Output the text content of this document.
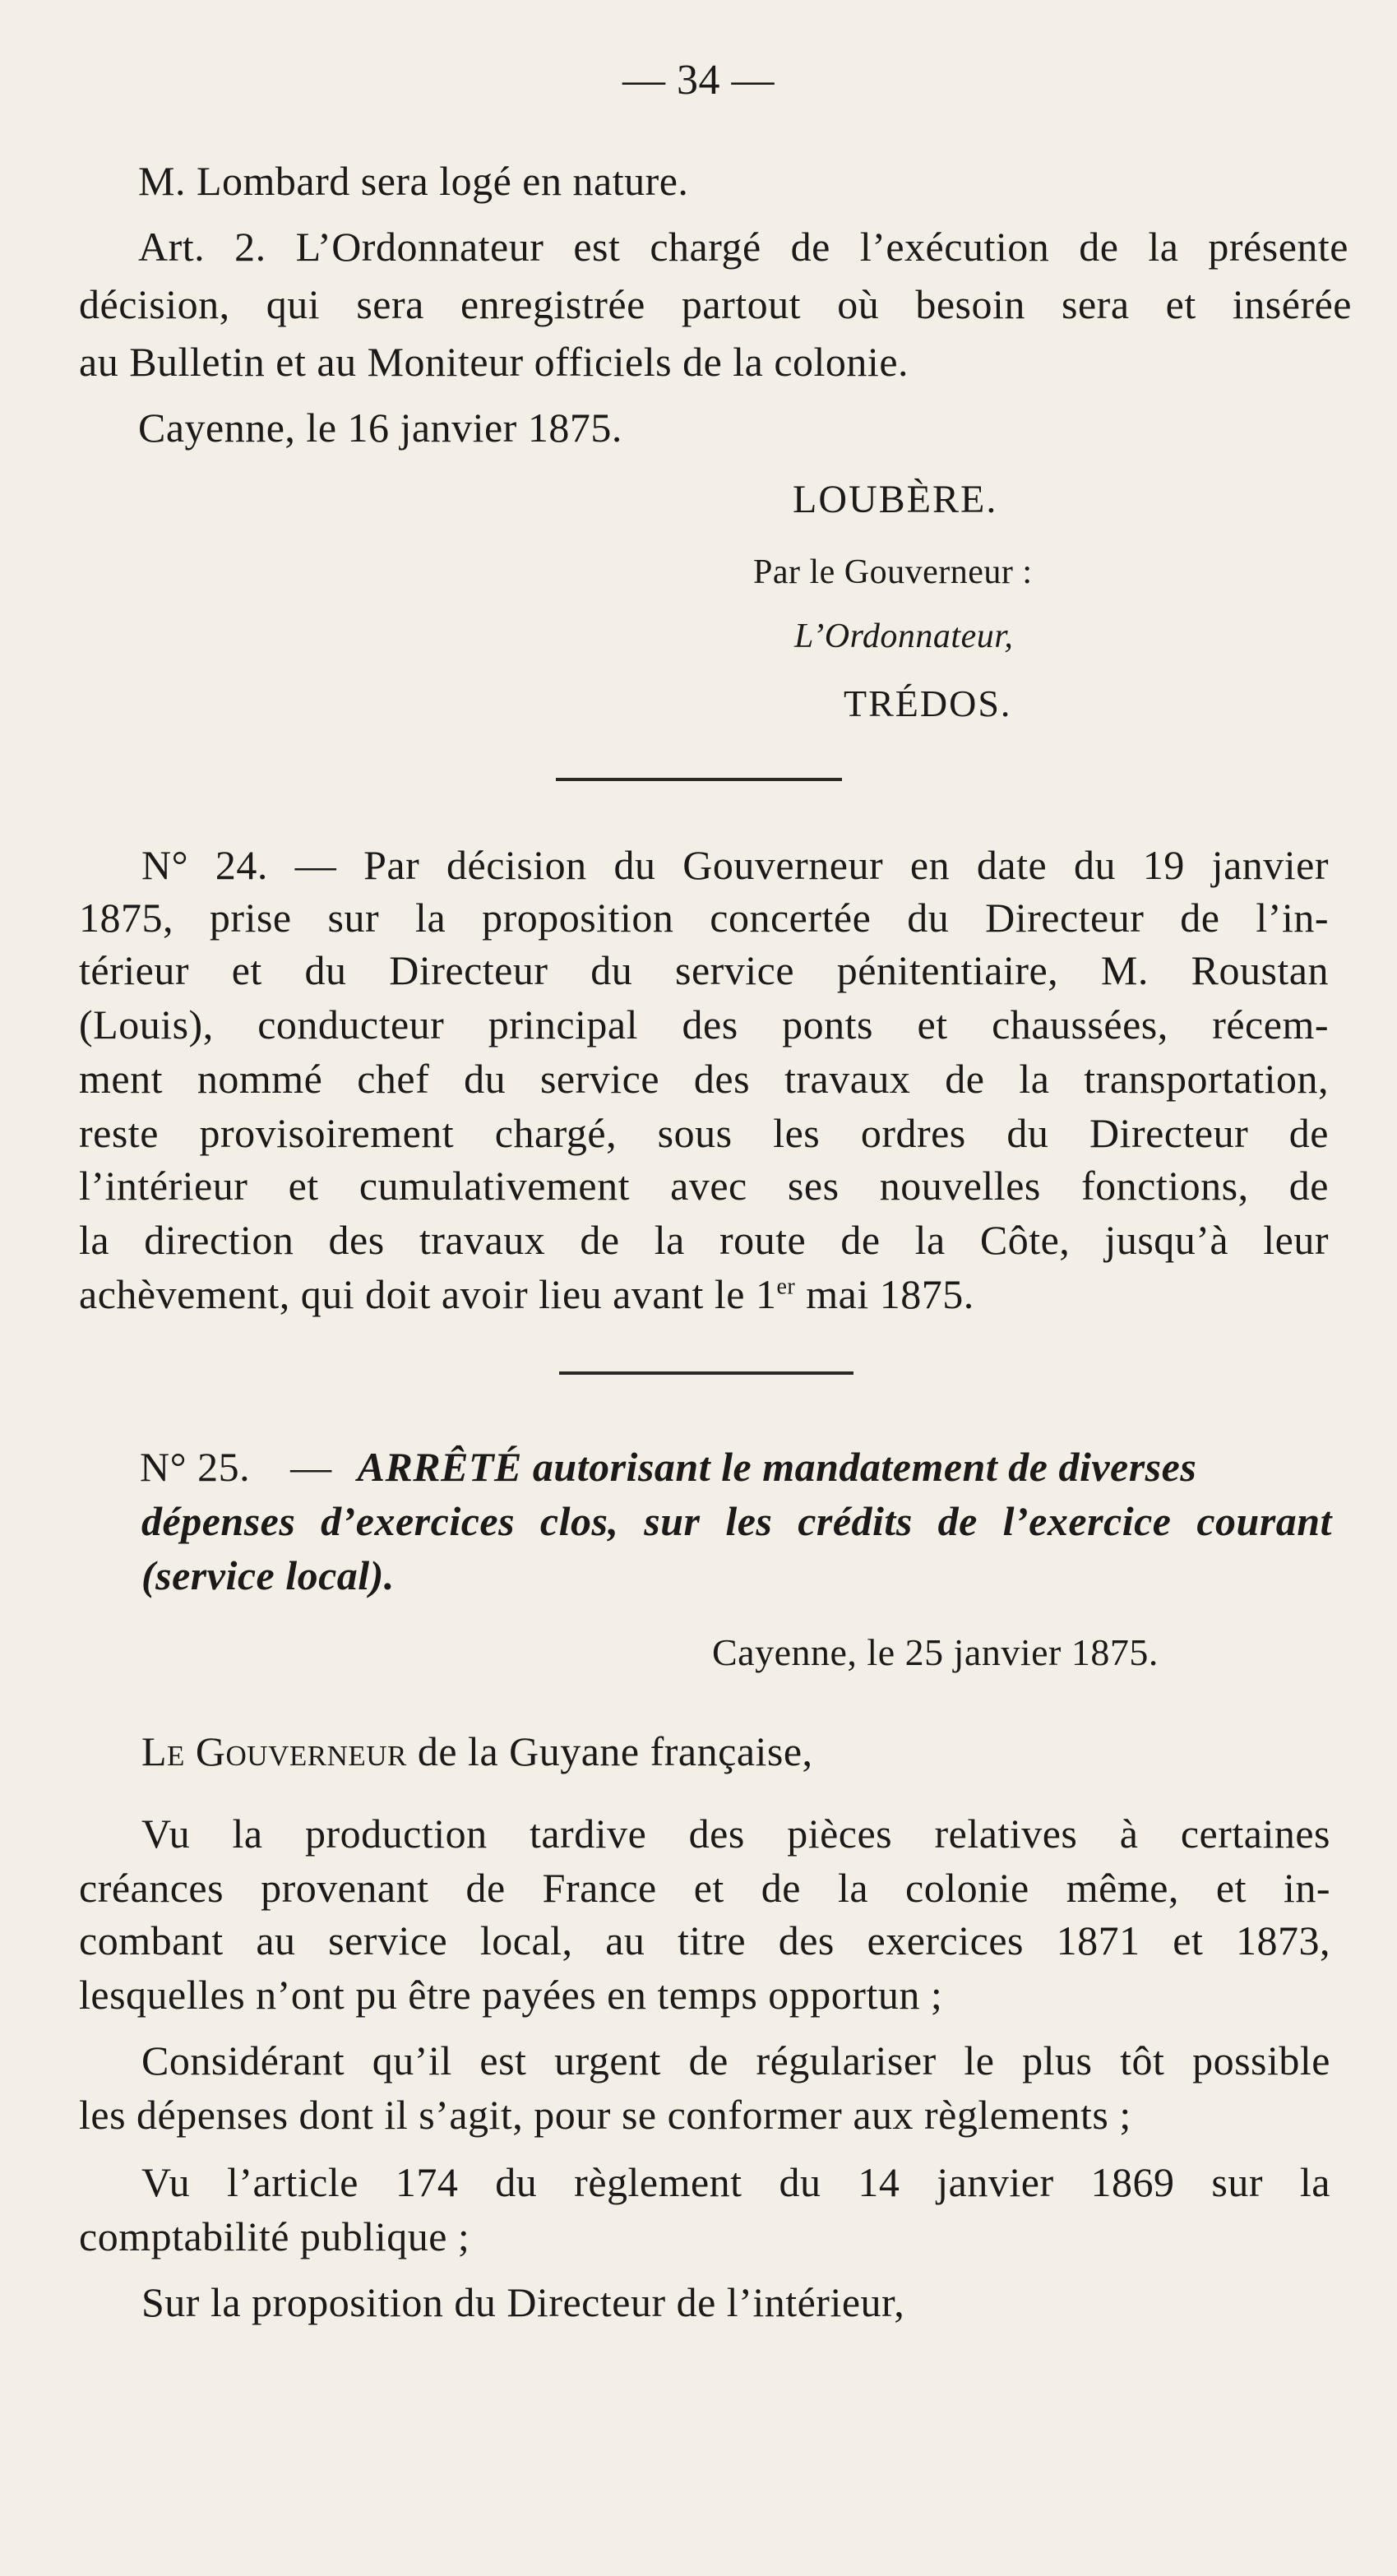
— 34 —
M. Lombard sera logé en nature.
Art. 2. L’Ordonnateur est chargé de l’exécution de la présente
décision, qui sera enregistrée partout où besoin sera et insérée
au Bulletin et au Moniteur officiels de la colonie.
Cayenne, le 16 janvier 1875.
LOUBÈRE.
Par le Gouverneur :
L’Ordonnateur,
TRÉDOS.
N° 24. — Par décision du Gouverneur en date du 19 janvier
1875, prise sur la proposition concertée du Directeur de l’in-
térieur et du Directeur du service pénitentiaire, M. Roustan
(Louis), conducteur principal des ponts et chaussées, récem-
ment nommé chef du service des travaux de la transportation,
reste provisoirement chargé, sous les ordres du Directeur de
l’intérieur et cumulativement avec ses nouvelles fonctions, de
la direction des travaux de la route de la Côte, jusqu’à leur
achèvement, qui doit avoir lieu avant le 1er mai 1875.
N° 25. — ARRÊTÉ autorisant le mandatement de diverses
dépenses d’exercices clos, sur les crédits de l’exercice courant
(service local).
Cayenne, le 25 janvier 1875.
Le Gouverneur de la Guyane française,
Vu la production tardive des pièces relatives à certaines
créances provenant de France et de la colonie même, et in-
combant au service local, au titre des exercices 1871 et 1873,
lesquelles n’ont pu être payées en temps opportun ;
Considérant qu’il est urgent de régulariser le plus tôt possible
les dépenses dont il s’agit, pour se conformer aux règlements ;
Vu l’article 174 du règlement du 14 janvier 1869 sur la
comptabilité publique ;
Sur la proposition du Directeur de l’intérieur,
